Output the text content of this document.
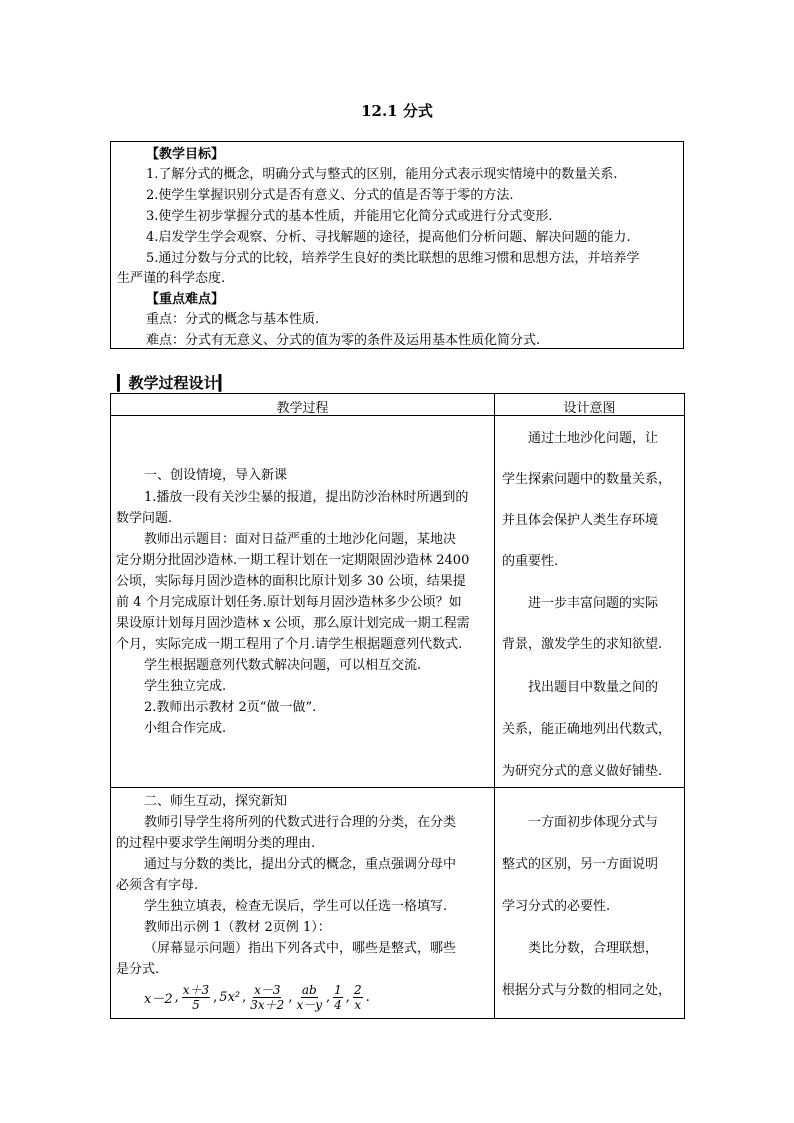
12.1 分式
【教学目标】
1.了解分式的概念，明确分式与整式的区别，能用分式表示现实情境中的数量关系.
2.使学生掌握识别分式是否有意义、分式的值是否等于零的方法.
3.使学生初步掌握分式的基本性质，并能用它化简分式或进行分式变形.
4.启发学生学会观察、分析、寻找解题的途径，提高他们分析问题、解决问题的能力.
5.通过分数与分式的比较，培养学生良好的类比联想的思维习惯和思想方法，并培养学
生严谨的科学态度.
【重点难点】
重点：分式的概念与基本性质.
难点：分式有无意义、分式的值为零的条件及运用基本性质化简分式.
▎教学过程设计▎
教学过程	设计意图
一、创设情境，导入新课
1.播放一段有关沙尘暴的报道，提出防沙治林时所遇到的
数学问题.
教师出示题目：面对日益严重的土地沙化问题，某地决
定分期分批固沙造林.一期工程计划在一定期限固沙造林 2400
公顷，实际每月固沙造林的面积比原计划多 30 公顷，结果提
前 4 个月完成原计划任务.原计划每月固沙造林多少公顷？如
果设原计划每月固沙造林 x 公顷，那么原计划完成一期工程需
个月，实际完成一期工程用了个月.请学生根据题意列代数式.
学生根据题意列代数式解决问题，可以相互交流.
学生独立完成.
2.教师出示教材 2页“做一做”.
小组合作完成.
通过土地沙化问题，让
学生探索问题中的数量关系，
并且体会保护人类生存环境
的重要性.
进一步丰富问题的实际
背景，激发学生的求知欲望.
找出题目中数量之间的
关系，能正确地列出代数式，
为研究分式的意义做好铺垫.
二、师生互动，探究新知
教师引导学生将所列的代数式进行合理的分类，在分类
的过程中要求学生阐明分类的理由.
通过与分数的类比，提出分式的概念，重点强调分母中
必须含有字母.
学生独立填表，检查无误后，学生可以任选一格填写.
教师出示例 1（教材 2页例 1）：
（屏幕显示问题）指出下列各式中，哪些是整式，哪些
是分式.
x－2 , $\frac{x+3}{5}$ , 5x² , $\frac{x-3}{3x+2}$ , $\frac{ab}{x-y}$ , $\frac{1}{4}$ , $\frac{2}{x}$ .
一方面初步体现分式与
整式的区别，另一方面说明
学习分式的必要性.
类比分数，合理联想，
根据分式与分数的相同之处，
